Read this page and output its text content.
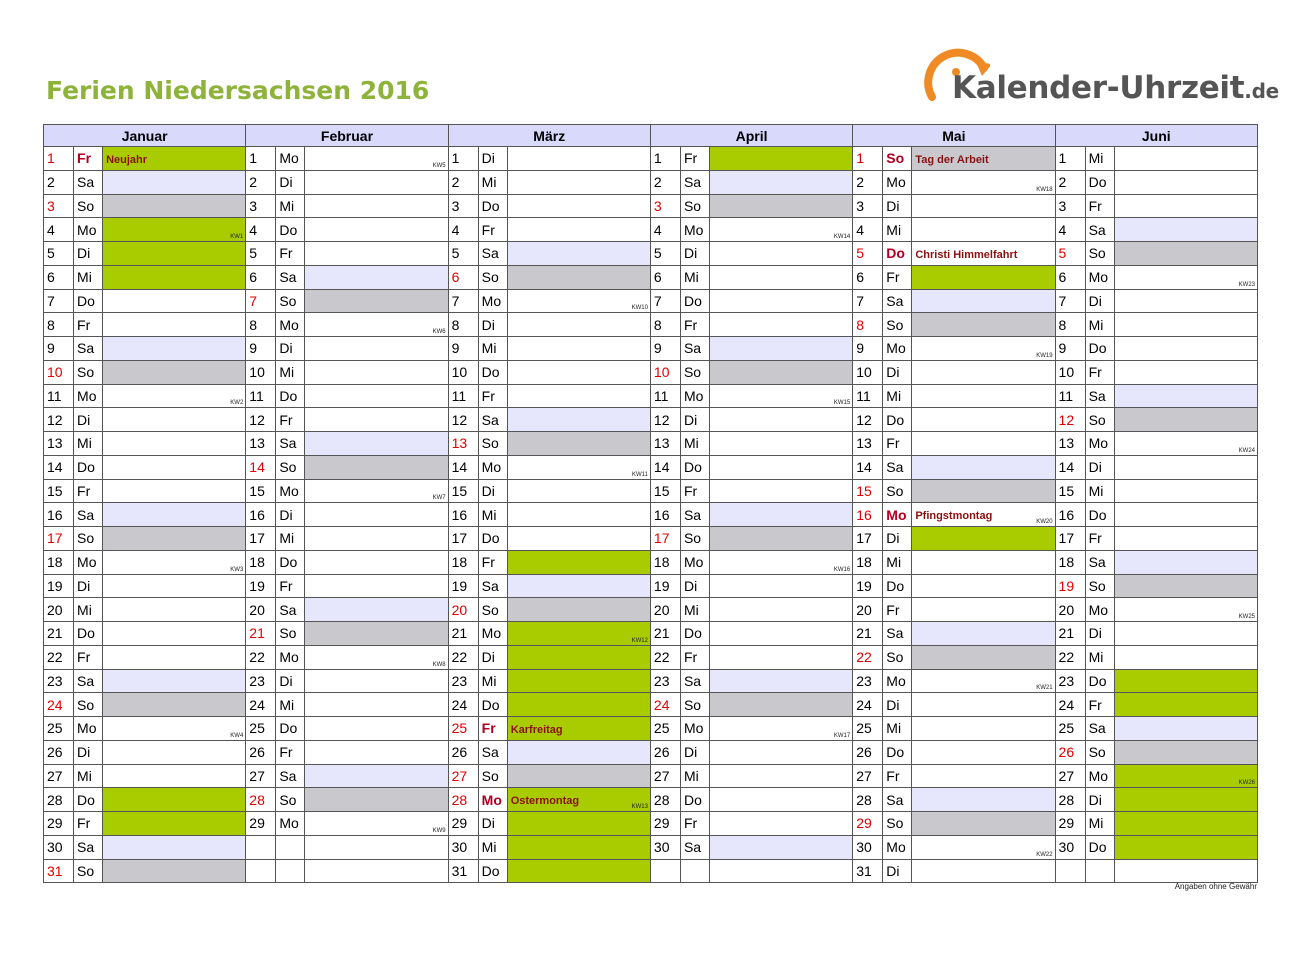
Ferien Niedersachsen 2016	Kalender-Uhrzeit.de
Januar			Februar			März			April			Mai			Juni		
1	Fr	Neujahr	1	Mo	KW5	1	Di		1	Fr		1	So	Tag der Arbeit	1	Mi	
2	Sa		2	Di		2	Mi		2	Sa		2	Mo	KW18	2	Do	
3	So		3	Mi		3	Do		3	So		3	Di		3	Fr	
4	Mo	KW1	4	Do		4	Fr		4	Mo	KW14	4	Mi		4	Sa	
5	Di		5	Fr		5	Sa		5	Di		5	Do	Christi Himmelfahrt	5	So	
6	Mi		6	Sa		6	So		6	Mi		6	Fr		6	Mo	KW23

7	Do		7	So		7	Mo	KW10	7	Do		7	Sa		7	Di	
8	Fr		8	Mo	KW6	8	Di		8	Fr		8	So		8	Mi	
9	Sa		9	Di		9	Mi		9	Sa		9	Mo	KW19	9	Do	
10	So		10	Mi		10	Do		10	So		10	Di		10	Fr	
11	Mo	KW2	11	Do		11	Fr		11	Mo	KW15	11	Mi		11	Sa	
12	Di		12	Fr		12	Sa		12	Di		12	Do		12	So	
13	Mi		13	Sa		13	So		13	Mi		13	Fr		13	Mo	KW24

14	Do		14	So		14	Mo	KW11	14	Do		14	Sa		14	Di	
15	Fr		15	Mo	KW7	15	Di		15	Fr		15	So		15	Mi	
16	Sa		16	Di		16	Mi		16	Sa		16	Mo	Pfingstmontag KW20	16	Do	
17	So		17	Mi		17	Do		17	So		17	Di		17	Fr	
18	Mo	KW3	18	Do		18	Fr		18	Mo	KW16	18	Mi		18	Sa	
19	Di		19	Fr		19	Sa		19	Di		19	Do		19	So	
20	Mi		20	Sa		20	So		20	Mi		20	Fr		20	Mo	KW25

21	Do		21	So		21	Mo	KW12	21	Do		21	Sa		21	Di	
22	Fr		22	Mo	KW8	22	Di		22	Fr		22	So		22	Mi	
23	Sa		23	Di		23	Mi		23	Sa		23	Mo	KW21	23	Do	
24	So		24	Mi		24	Do		24	So		24	Di		24	Fr	
25	Mo	KW4	25	Do		25	Fr	Karfreitag	25	Mo	KW17	25	Mi		25	Sa	
26	Di		26	Fr		26	Sa		26	Di		26	Do		26	So	
27	Mi		27	Sa		27	So		27	Mi		27	Fr		27	Mo	KW26

28	Do		28	So		28	Mo	Ostermontag KW13	28	Do		28	Sa		28	Di	
29	Fr		29	Mo	KW9	29	Di		29	Fr		29	So		29	Mi	
30	Sa					30	Mi		30	Sa		30	Mo	KW22	30	Do	
31	So					31	Do					31	Di				
Angaben ohne Gewähr
